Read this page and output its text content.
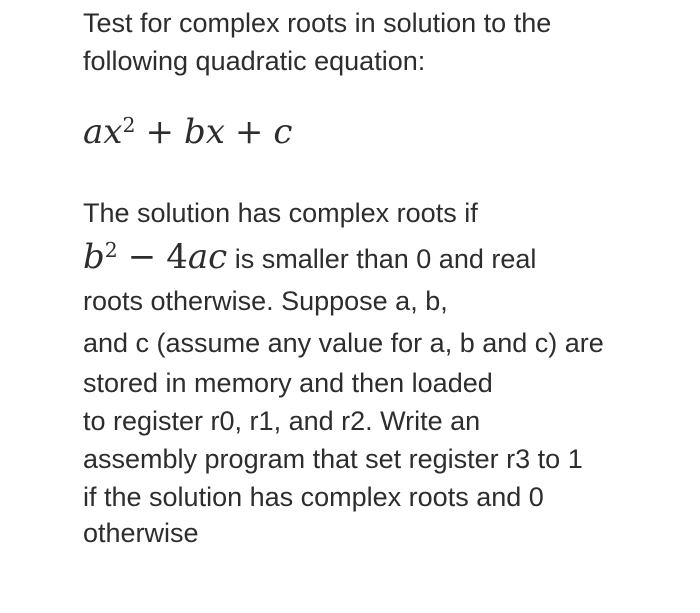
Test for complex roots in solution to the
following quadratic equation:
$ax^2$ + bx + c
The solution has complex roots if
$b^2 - 4ac$ is smaller than 0 and real
roots otherwise. Suppose a, b,
and c (assume any value for a, b and c) are
stored in memory and then loaded
to register r0, r1, and r2. Write an
assembly program that set register r3 to 1
if the solution has complex roots and 0
otherwise
